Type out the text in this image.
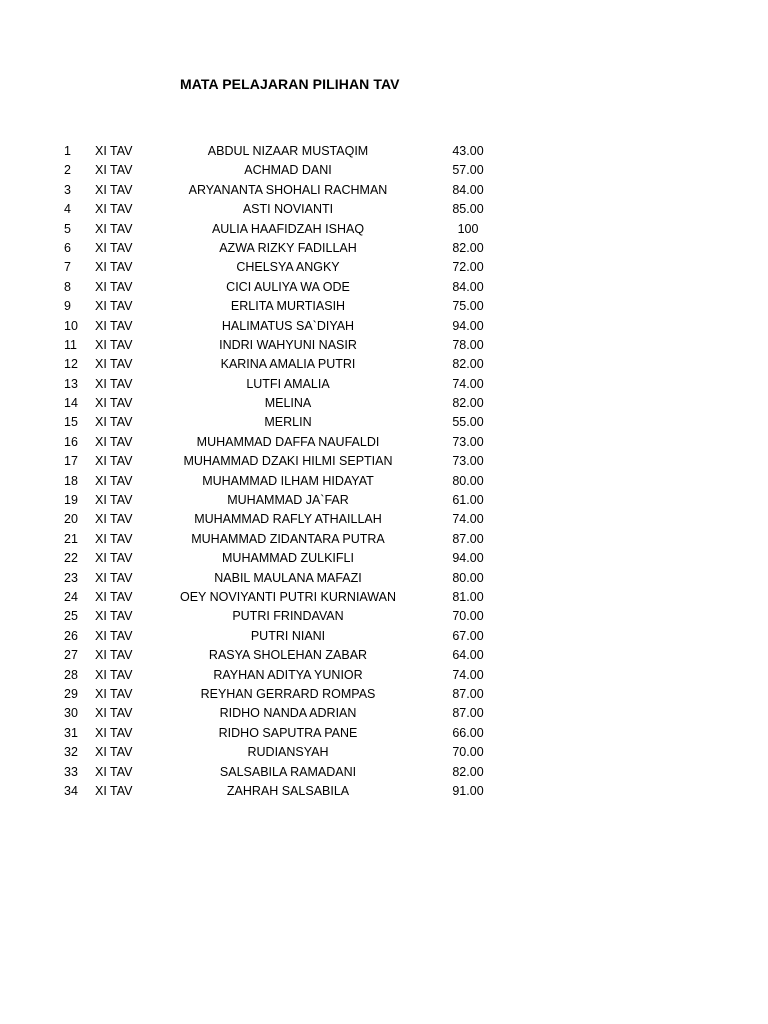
MATA PELAJARAN PILIHAN TAV
1 XI TAV	ABDUL NIZAAR MUSTAQIM	43.00
2 XI TAV	ACHMAD DANI	57.00
3 XI TAV	ARYANANTA SHOHALI RACHMAN	84.00
4 XI TAV	ASTI NOVIANTI	85.00
5 XI TAV	AULIA HAAFIDZAH ISHAQ	100
6 XI TAV	AZWA RIZKY FADILLAH	82.00
7 XI TAV	CHELSYA ANGKY	72.00
8 XI TAV	CICI AULIYA WA ODE	84.00
9 XI TAV	ERLITA MURTIASIH	75.00
10 XI TAV	HALIMATUS SA`DIYAH	94.00
11 XI TAV	INDRI WAHYUNI NASIR	78.00
12 XI TAV	KARINA AMALIA PUTRI	82.00
13 XI TAV	LUTFI AMALIA	74.00
14 XI TAV	MELINA	82.00
15 XI TAV	MERLIN	55.00
16 XI TAV	MUHAMMAD DAFFA NAUFALDI	73.00
17 XI TAV	MUHAMMAD DZAKI HILMI SEPTIAN	73.00
18 XI TAV	MUHAMMAD ILHAM HIDAYAT	80.00
19 XI TAV	MUHAMMAD JA`FAR	61.00
20 XI TAV	MUHAMMAD RAFLY ATHAILLAH	74.00
21 XI TAV	MUHAMMAD ZIDANTARA PUTRA	87.00
22 XI TAV	MUHAMMAD ZULKIFLI	94.00
23 XI TAV	NABIL MAULANA MAFAZI	80.00
24 XI TAV	OEY NOVIYANTI PUTRI KURNIAWAN	81.00
25 XI TAV	PUTRI FRINDAVAN	70.00
26 XI TAV	PUTRI NIANI	67.00
27 XI TAV	RASYA SHOLEHAN ZABAR	64.00
28 XI TAV	RAYHAN ADITYA YUNIOR	74.00
29 XI TAV	REYHAN GERRARD ROMPAS	87.00
30 XI TAV	RIDHO NANDA ADRIAN	87.00
31 XI TAV	RIDHO SAPUTRA PANE	66.00
32 XI TAV	RUDIANSYAH	70.00
33 XI TAV	SALSABILA RAMADANI	82.00
34 XI TAV	ZAHRAH SALSABILA	91.00
